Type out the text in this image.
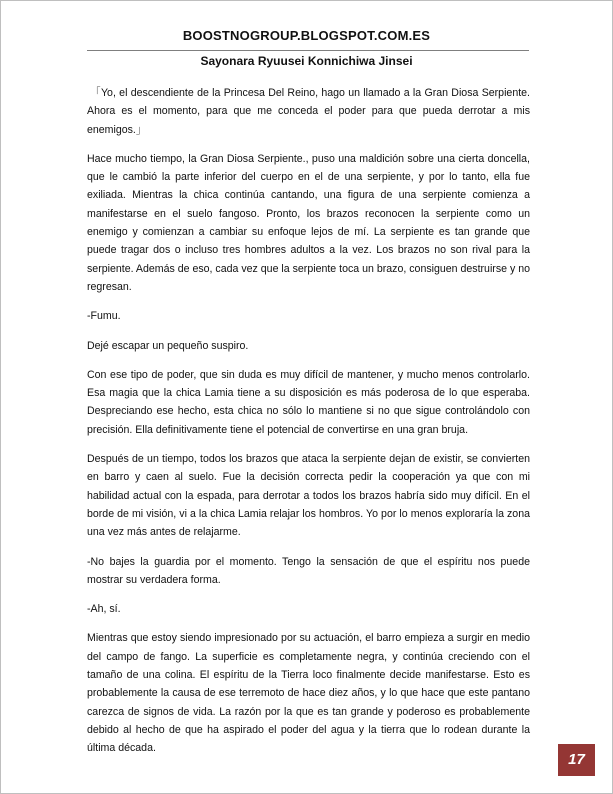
BOOSTNOGROUP.BLOGSPOT.COM.ES
Sayonara Ryuusei Konnichiwa Jinsei

「Yo, el descendiente de la Princesa Del Reino, hago un llamado a la Gran Diosa Serpiente. Ahora es el momento, para que me conceda el poder para que pueda derrotar a mis enemigos.」

Hace mucho tiempo, la Gran Diosa Serpiente., puso una maldición sobre una cierta doncella, que le cambió la parte inferior del cuerpo en el de una serpiente, y por lo tanto, ella fue exiliada. Mientras la chica continúa cantando, una figura de una serpiente comienza a manifestarse en el suelo fangoso. Pronto, los brazos reconocen la serpiente como un enemigo y comienzan a cambiar su enfoque lejos de mí. La serpiente es tan grande que puede tragar dos o incluso tres hombres adultos a la vez. Los brazos no son rival para la serpiente. Además de eso, cada vez que la serpiente toca un brazo, consiguen destruirse y no regresan.

-Fumu.

Dejé escapar un pequeño suspiro.

Con ese tipo de poder, que sin duda es muy difícil de mantener, y mucho menos controlarlo. Esa magia que la chica Lamia tiene a su disposición es más poderosa de lo que esperaba. Despreciando ese hecho, esta chica no sólo lo mantiene si no que sigue controlándolo con precisión. Ella definitivamente tiene el potencial de convertirse en una gran bruja.

Después de un tiempo, todos los brazos que ataca la serpiente dejan de existir, se convierten en barro y caen al suelo. Fue la decisión correcta pedir la cooperación ya que con mi habilidad actual con la espada, para derrotar a todos los brazos habría sido muy difícil. En el borde de mi visión, vi a la chica Lamia relajar los hombros. Yo por lo menos exploraría la zona una vez más antes de relajarme.

-No bajes la guardia por el momento. Tengo la sensación de que el espíritu nos puede mostrar su verdadera forma.

-Ah, sí.

Mientras que estoy siendo impresionado por su actuación, el barro empieza a surgir en medio del campo de fango. La superficie es completamente negra, y continúa creciendo con el tamaño de una colina. El espíritu de la Tierra loco finalmente decide manifestarse. Esto es probablemente la causa de ese terremoto de hace diez años, y lo que hace que este pantano carezca de signos de vida. La razón por la que es tan grande y poderoso es probablemente debido al hecho de que ha aspirado el poder del agua y la tierra que lo rodean durante la última década.

17
